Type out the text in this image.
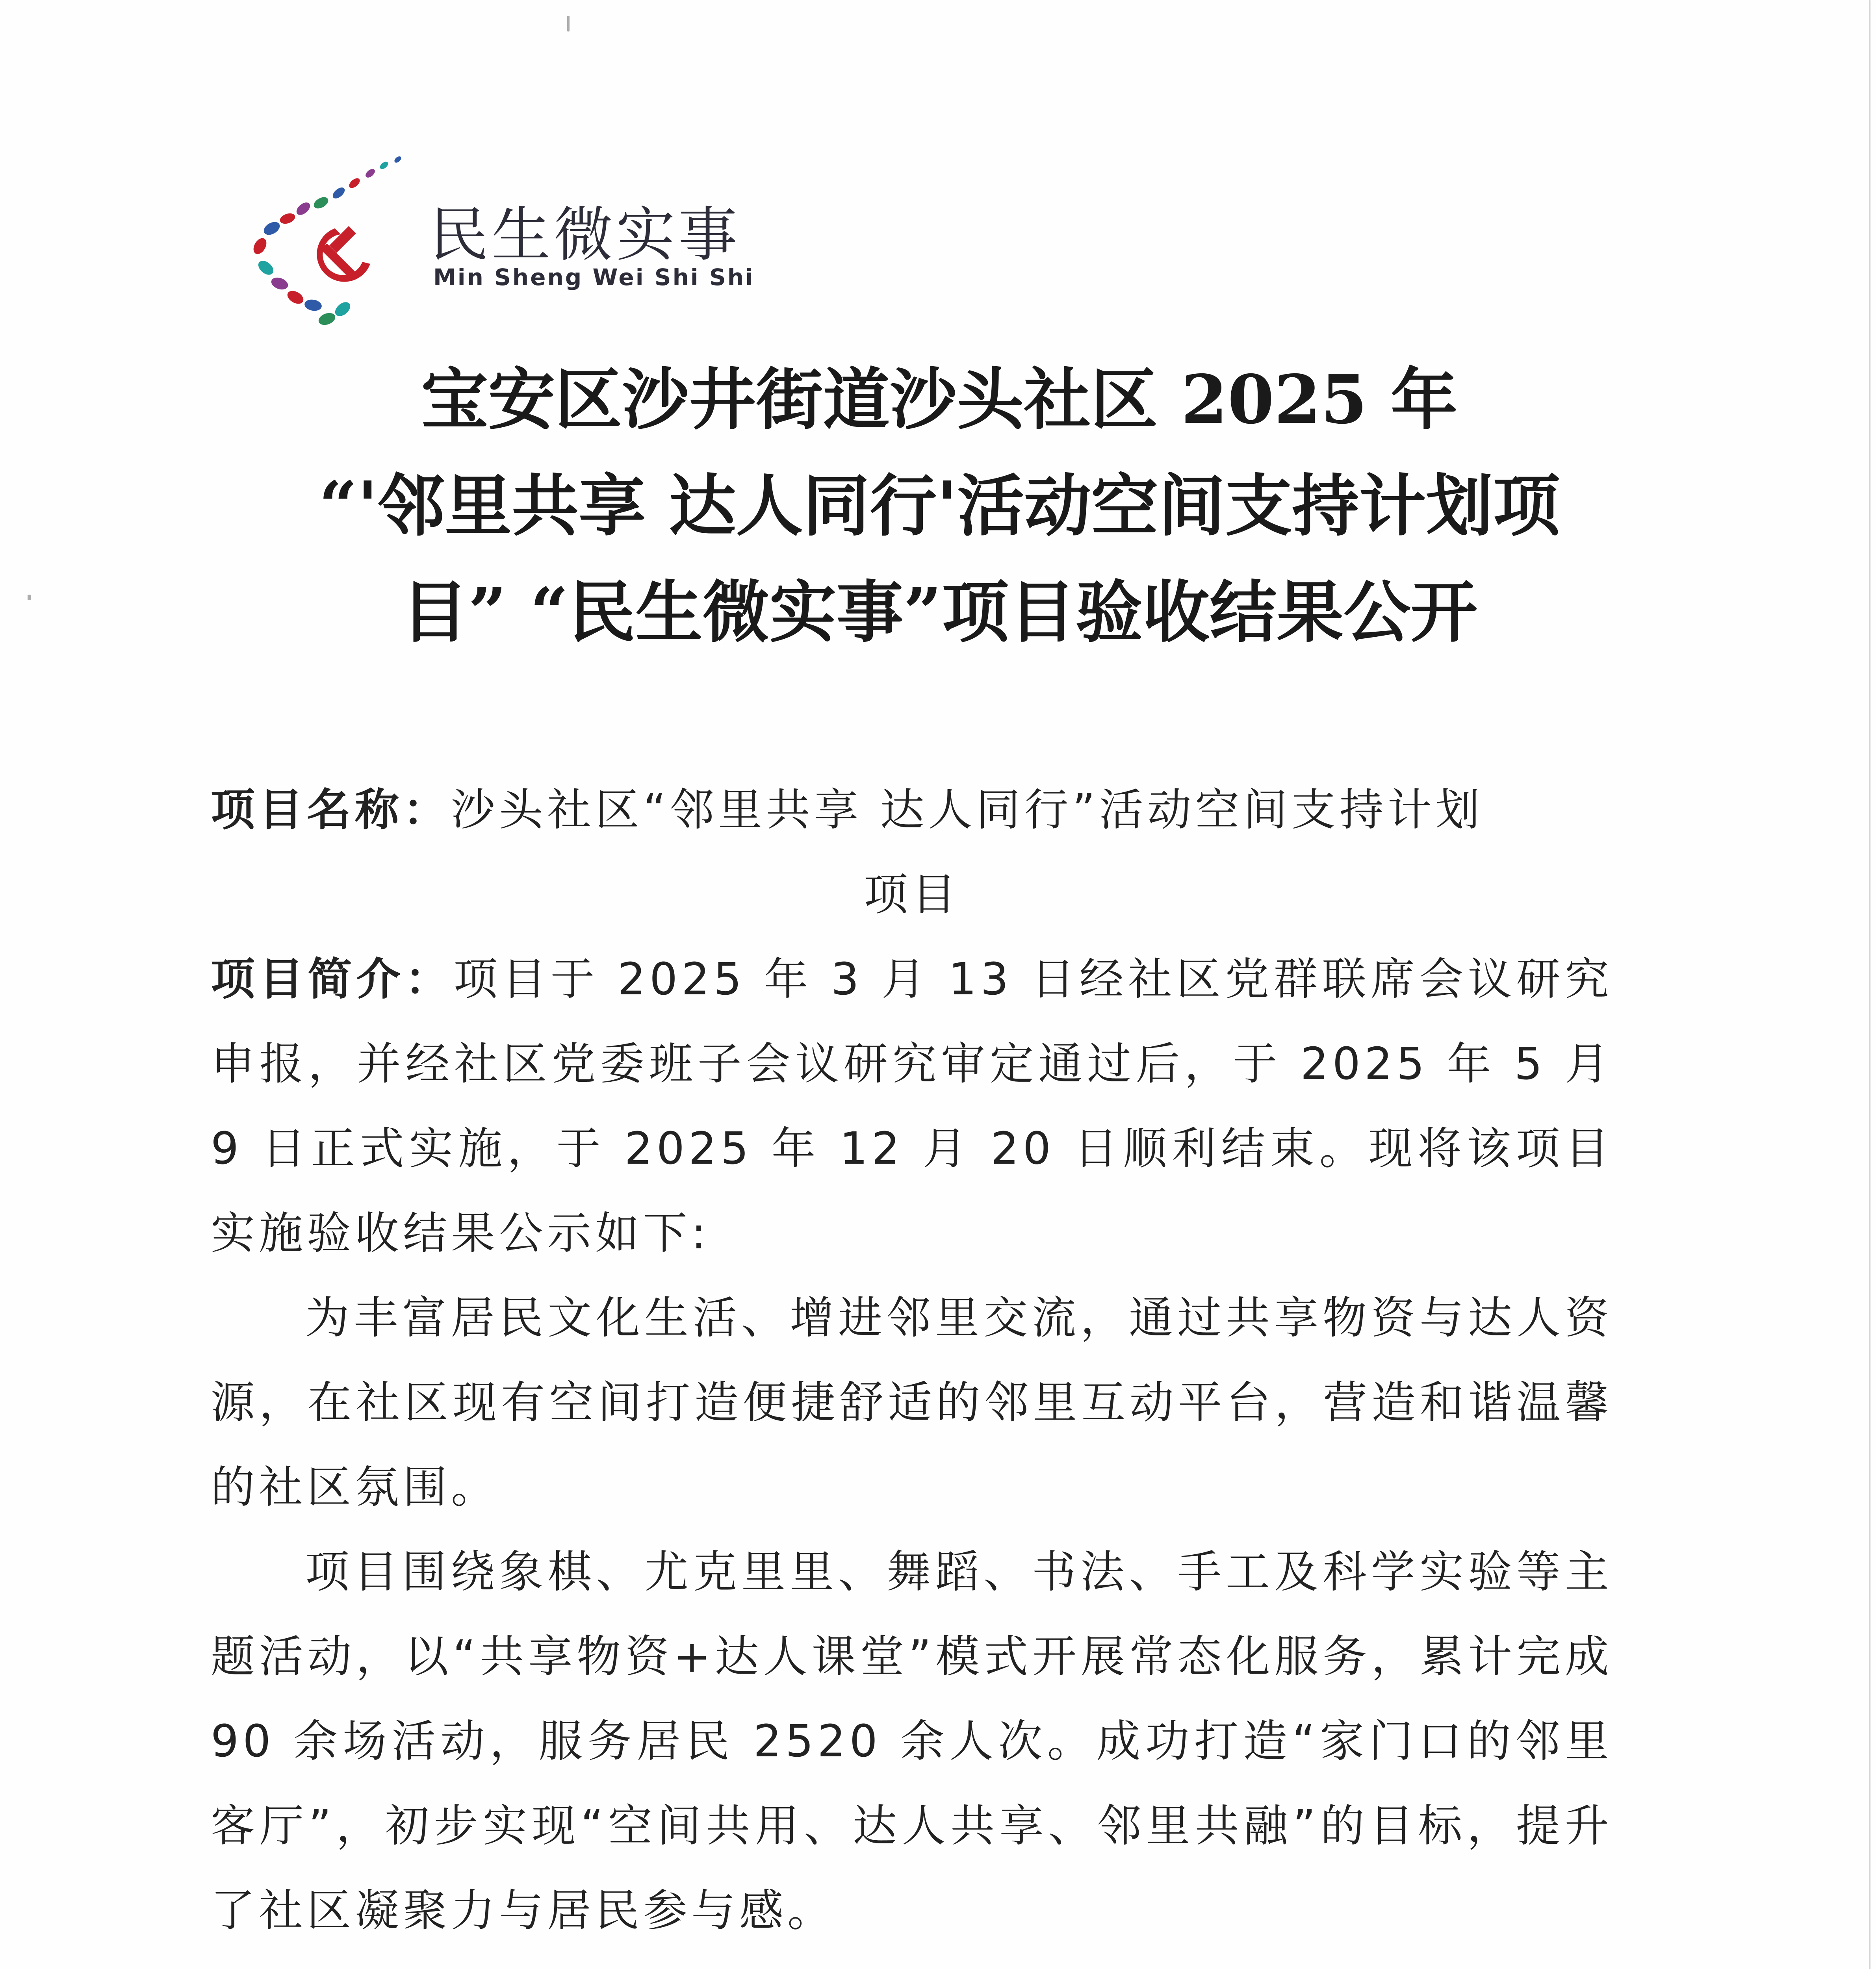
民生微实事
Min Sheng Wei Shi Shi
宝安区沙井街道沙头社区 2025 年
“'邻里共享 达人同行'活动空间支持计划项
目” “民生微实事”项目验收结果公开

项目名称：沙头社区“邻里共享 达人同行”活动空间支持计划

项目

项目简介：项目于 2025 年 3 月 13 日经社区党群联席会议研究申报，并经社区党委班子会议研究审定通过后，于 2025 年 5 月 9 日正式实施，于 2025 年 12 月 20 日顺利结束。现将该项目实施验收结果公示如下:

为丰富居民文化生活、增进邻里交流，通过共享物资与达人资源，在社区现有空间打造便捷舒适的邻里互动平台，营造和谐温馨的社区氛围。

项目围绕象棋、尤克里里、舞蹈、书法、手工及科学实验等主题活动，以“共享物资+达人课堂”模式开展常态化服务，累计完成 90 余场活动，服务居民 2520 余人次。成功打造“家门口的邻里客厅”，初步实现“空间共用、达人共享、邻里共融”的目标，提升了社区凝聚力与居民参与感。
